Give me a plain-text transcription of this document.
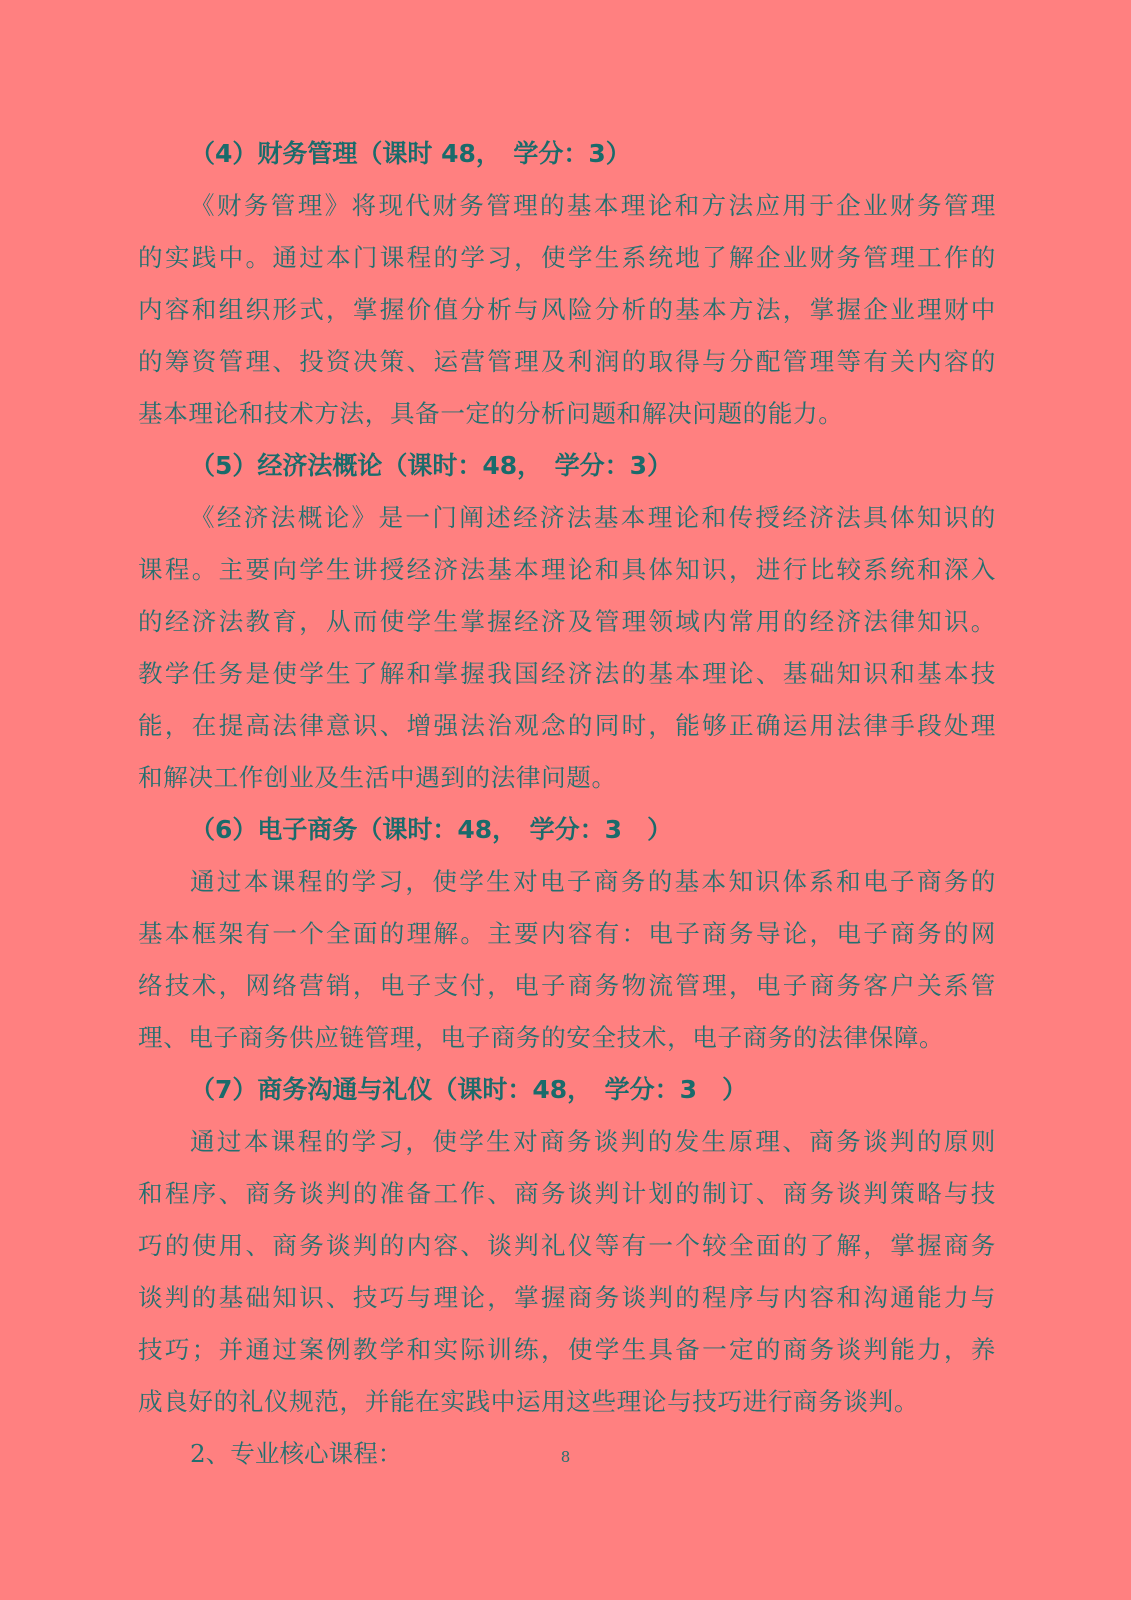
（4）财务管理（课时 48，　学分：3）

《财务管理》将现代财务管理的基本理论和方法应用于企业财务管理
的实践中。通过本门课程的学习，使学生系统地了解企业财务管理工作的
内容和组织形式，掌握价值分析与风险分析的基本方法，掌握企业理财中
的筹资管理、投资决策、运营管理及利润的取得与分配管理等有关内容的
基本理论和技术方法，具备一定的分析问题和解决问题的能力。

（5）经济法概论（课时：48，　学分：3）

《经济法概论》是一门阐述经济法基本理论和传授经济法具体知识的
课程。主要向学生讲授经济法基本理论和具体知识，进行比较系统和深入
的经济法教育，从而使学生掌握经济及管理领域内常用的经济法律知识。
教学任务是使学生了解和掌握我国经济法的基本理论、基础知识和基本技
能，在提高法律意识、增强法治观念的同时，能够正确运用法律手段处理
和解决工作创业及生活中遇到的法律问题。

（6）电子商务（课时：48，　学分：3　）

通过本课程的学习，使学生对电子商务的基本知识体系和电子商务的
基本框架有一个全面的理解。主要内容有：电子商务导论，电子商务的网
络技术，网络营销，电子支付，电子商务物流管理，电子商务客户关系管
理、电子商务供应链管理，电子商务的安全技术，电子商务的法律保障。

（7）商务沟通与礼仪（课时：48，　学分：3　）

通过本课程的学习，使学生对商务谈判的发生原理、商务谈判的原则
和程序、商务谈判的准备工作、商务谈判计划的制订、商务谈判策略与技
巧的使用、商务谈判的内容、谈判礼仪等有一个较全面的了解，掌握商务
谈判的基础知识、技巧与理论，掌握商务谈判的程序与内容和沟通能力与
技巧；并通过案例教学和实际训练，使学生具备一定的商务谈判能力，养
成良好的礼仪规范，并能在实践中运用这些理论与技巧进行商务谈判。

2、专业核心课程：	8
